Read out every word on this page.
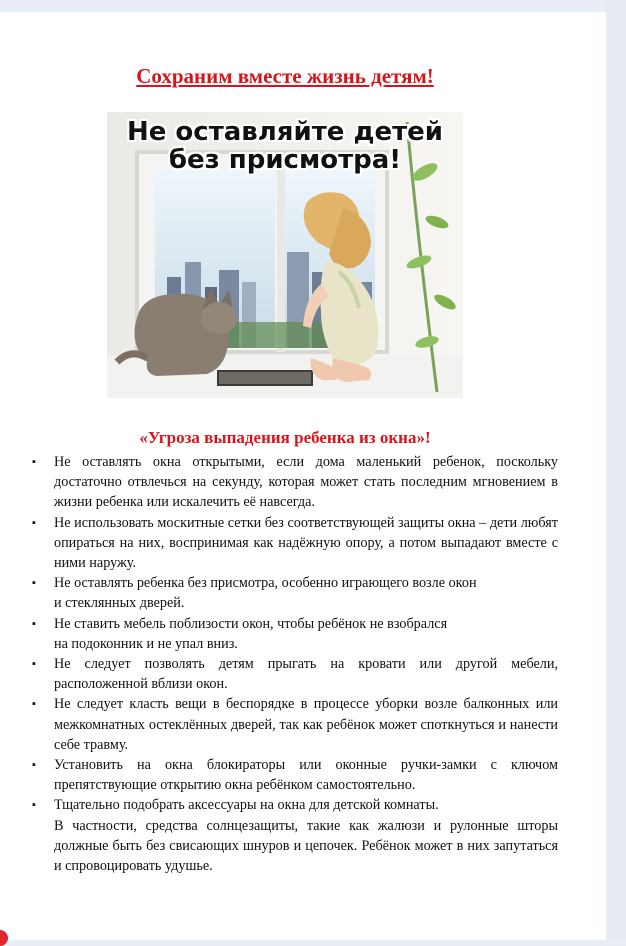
Сохраним вместе жизнь детям!
Не оставляйте детей
без присмотра!
«Угроза выпадения ребенка из окна»!
▪ Не оставлять окна открытыми, если дома маленький ребенок, поскольку достаточно отвлечься на секунду, которая может стать последним мгновением в жизни ребенка или искалечить её навсегда.
▪ Не использовать москитные сетки без соответствующей защиты окна – дети любят опираться на них, воспринимая как надёжную опору, а потом выпадают вместе с ними наружу.
▪ Не оставлять ребенка без присмотра, особенно играющего возле окон
и стеклянных дверей.
▪ Не ставить мебель поблизости окон, чтобы ребёнок не взобрался
на подоконник и не упал вниз.
▪ Не следует позволять детям прыгать на кровати или другой мебели, расположенной вблизи окон.
▪ Не следует класть вещи в беспорядке в процессе уборки возле балконных или межкомнатных остеклённых дверей, так как ребёнок может споткнуться и нанести себе травму.
▪ Установить на окна блокираторы или оконные ручки-замки с ключом препятствующие открытию окна ребёнком самостоятельно.
▪ Тщательно подобрать аксессуары на окна для детской комнаты.
В частности, средства солнцезащиты, такие как жалюзи и рулонные шторы должные быть без свисающих шнуров и цепочек. Ребёнок может в них запутаться и спровоцировать удушье.
